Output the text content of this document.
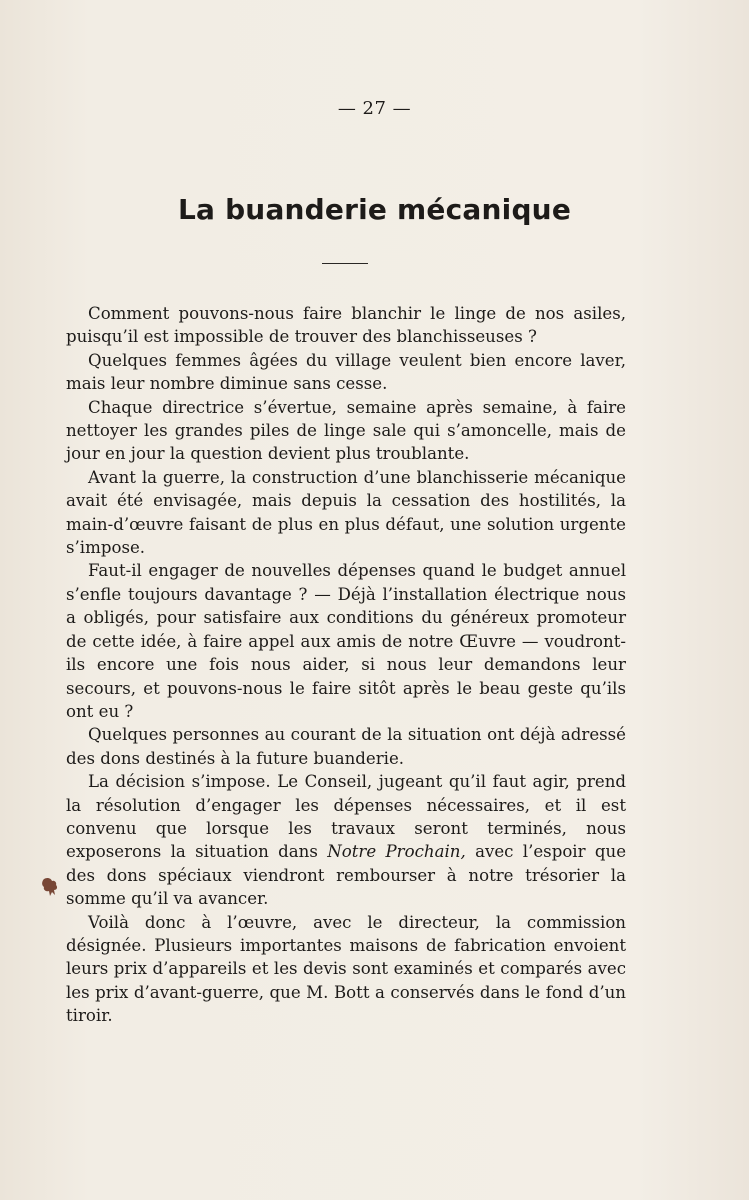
— 27 —
La buanderie mécanique

Comment pouvons-nous faire blanchir le linge de nos asiles, puisqu’il est impossible de trouver des blanchisseuses ?

Quelques femmes âgées du village veulent bien encore laver, mais leur nombre diminue sans cesse.

Chaque directrice s’évertue, semaine après semaine, à faire nettoyer les grandes piles de linge sale qui s’amoncelle, mais de jour en jour la question devient plus troublante.

Avant la guerre, la construction d’une blanchisserie mécanique avait été envisagée, mais depuis la cessation des hostilités, la main-d’œuvre faisant de plus en plus défaut, une solution urgente s’impose.

Faut-il engager de nouvelles dépenses quand le budget annuel s’enfle toujours davantage ? — Déjà l’installation électrique nous a obligés, pour satisfaire aux conditions du généreux promoteur de cette idée, à faire appel aux amis de notre Œuvre — voudront-ils encore une fois nous aider, si nous leur demandons leur secours, et pouvons-nous le faire sitôt après le beau geste qu’ils ont eu ?

Quelques personnes au courant de la situation ont déjà adressé des dons destinés à la future buanderie.

La décision s’impose. Le Conseil, jugeant qu’il faut agir, prend la résolution d’engager les dépenses nécessaires, et il est convenu que lorsque les travaux seront terminés, nous exposerons la situation dans Notre Prochain, avec l’espoir que des dons spéciaux viendront rembourser à notre trésorier la somme qu’il va avancer.

Voilà donc à l’œuvre, avec le directeur, la commission désignée. Plusieurs importantes maisons de fabrication envoient leurs prix d’appareils et les devis sont examinés et comparés avec les prix d’avant-guerre, que M. Bott a conservés dans le fond d’un tiroir.
